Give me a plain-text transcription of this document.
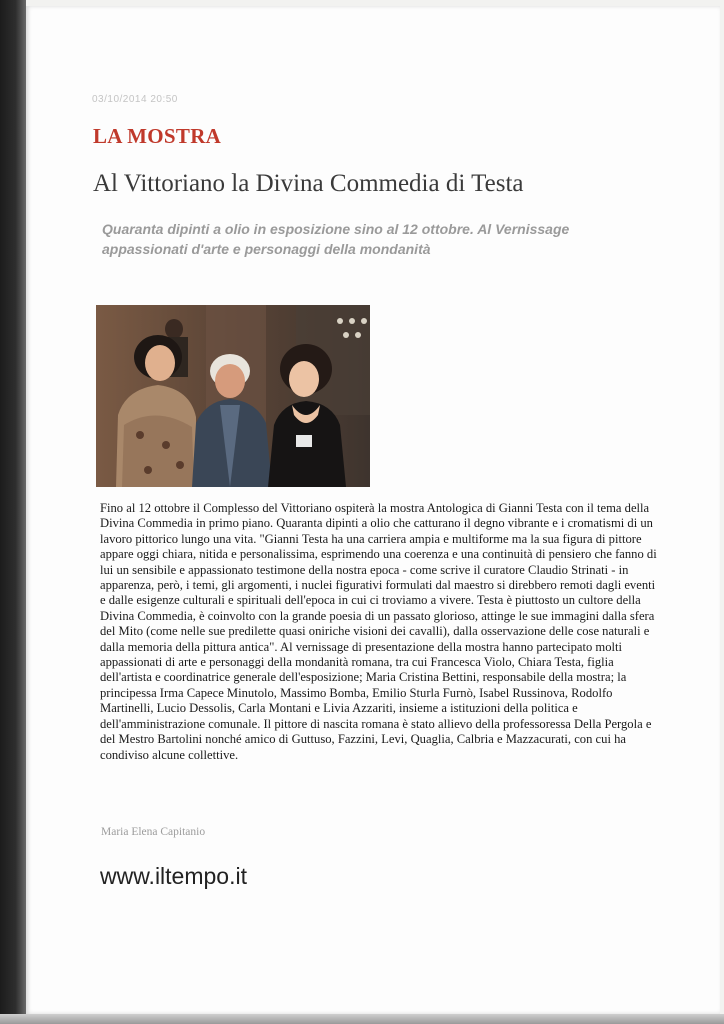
03/10/2014 20:50
LA MOSTRA
Al Vittoriano la Divina Commedia di Testa
Quaranta dipinti a olio in esposizione sino al 12 ottobre. Al Vernissage appassionati d'arte e personaggi della mondanità
Fino al 12 ottobre il Complesso del Vittoriano ospiterà la mostra Antologica di Gianni Testa con il tema della Divina Commedia in primo piano. Quaranta dipinti a olio che catturano il degno vibrante e i cromatismi di un lavoro pittorico lungo una vita. "Gianni Testa ha una carriera ampia e multiforme ma la sua figura di pittore appare oggi chiara, nitida e personalissima, esprimendo una coerenza e una continuità di pensiero che fanno di lui un sensibile e appassionato testimone della nostra epoca - come scrive il curatore Claudio Strinati - in apparenza, però, i temi, gli argomenti, i nuclei figurativi formulati dal maestro si direbbero remoti dagli eventi e dalle esigenze culturali e spirituali dell'epoca in cui ci troviamo a vivere. Testa è piuttosto un cultore della Divina Commedia, è coinvolto con la grande poesia di un passato glorioso, attinge le sue immagini dalla sfera del Mito (come nelle sue predilette quasi oniriche visioni dei cavalli), dalla osservazione delle cose naturali e dalla memoria della pittura antica". Al vernissage di presentazione della mostra hanno partecipato molti appassionati di arte e personaggi della mondanità romana, tra cui Francesca Violo, Chiara Testa, figlia dell'artista e coordinatrice generale dell'esposizione; Maria Cristina Bettini, responsabile della mostra; la principessa Irma Capece Minutolo, Massimo Bomba, Emilio Sturla Furnò, Isabel Russinova, Rodolfo Martinelli, Lucio Dessolis, Carla Montani e Livia Azzariti, insieme a istituzioni della politica e dell'amministrazione comunale. Il pittore di nascita romana è stato allievo della professoressa Della Pergola e del Mestro Bartolini nonché amico di Guttuso, Fazzini, Levi, Quaglia, Calbria e Mazzacurati, con cui ha condiviso alcune collettive.
Maria Elena Capitanio
www.iltempo.it
